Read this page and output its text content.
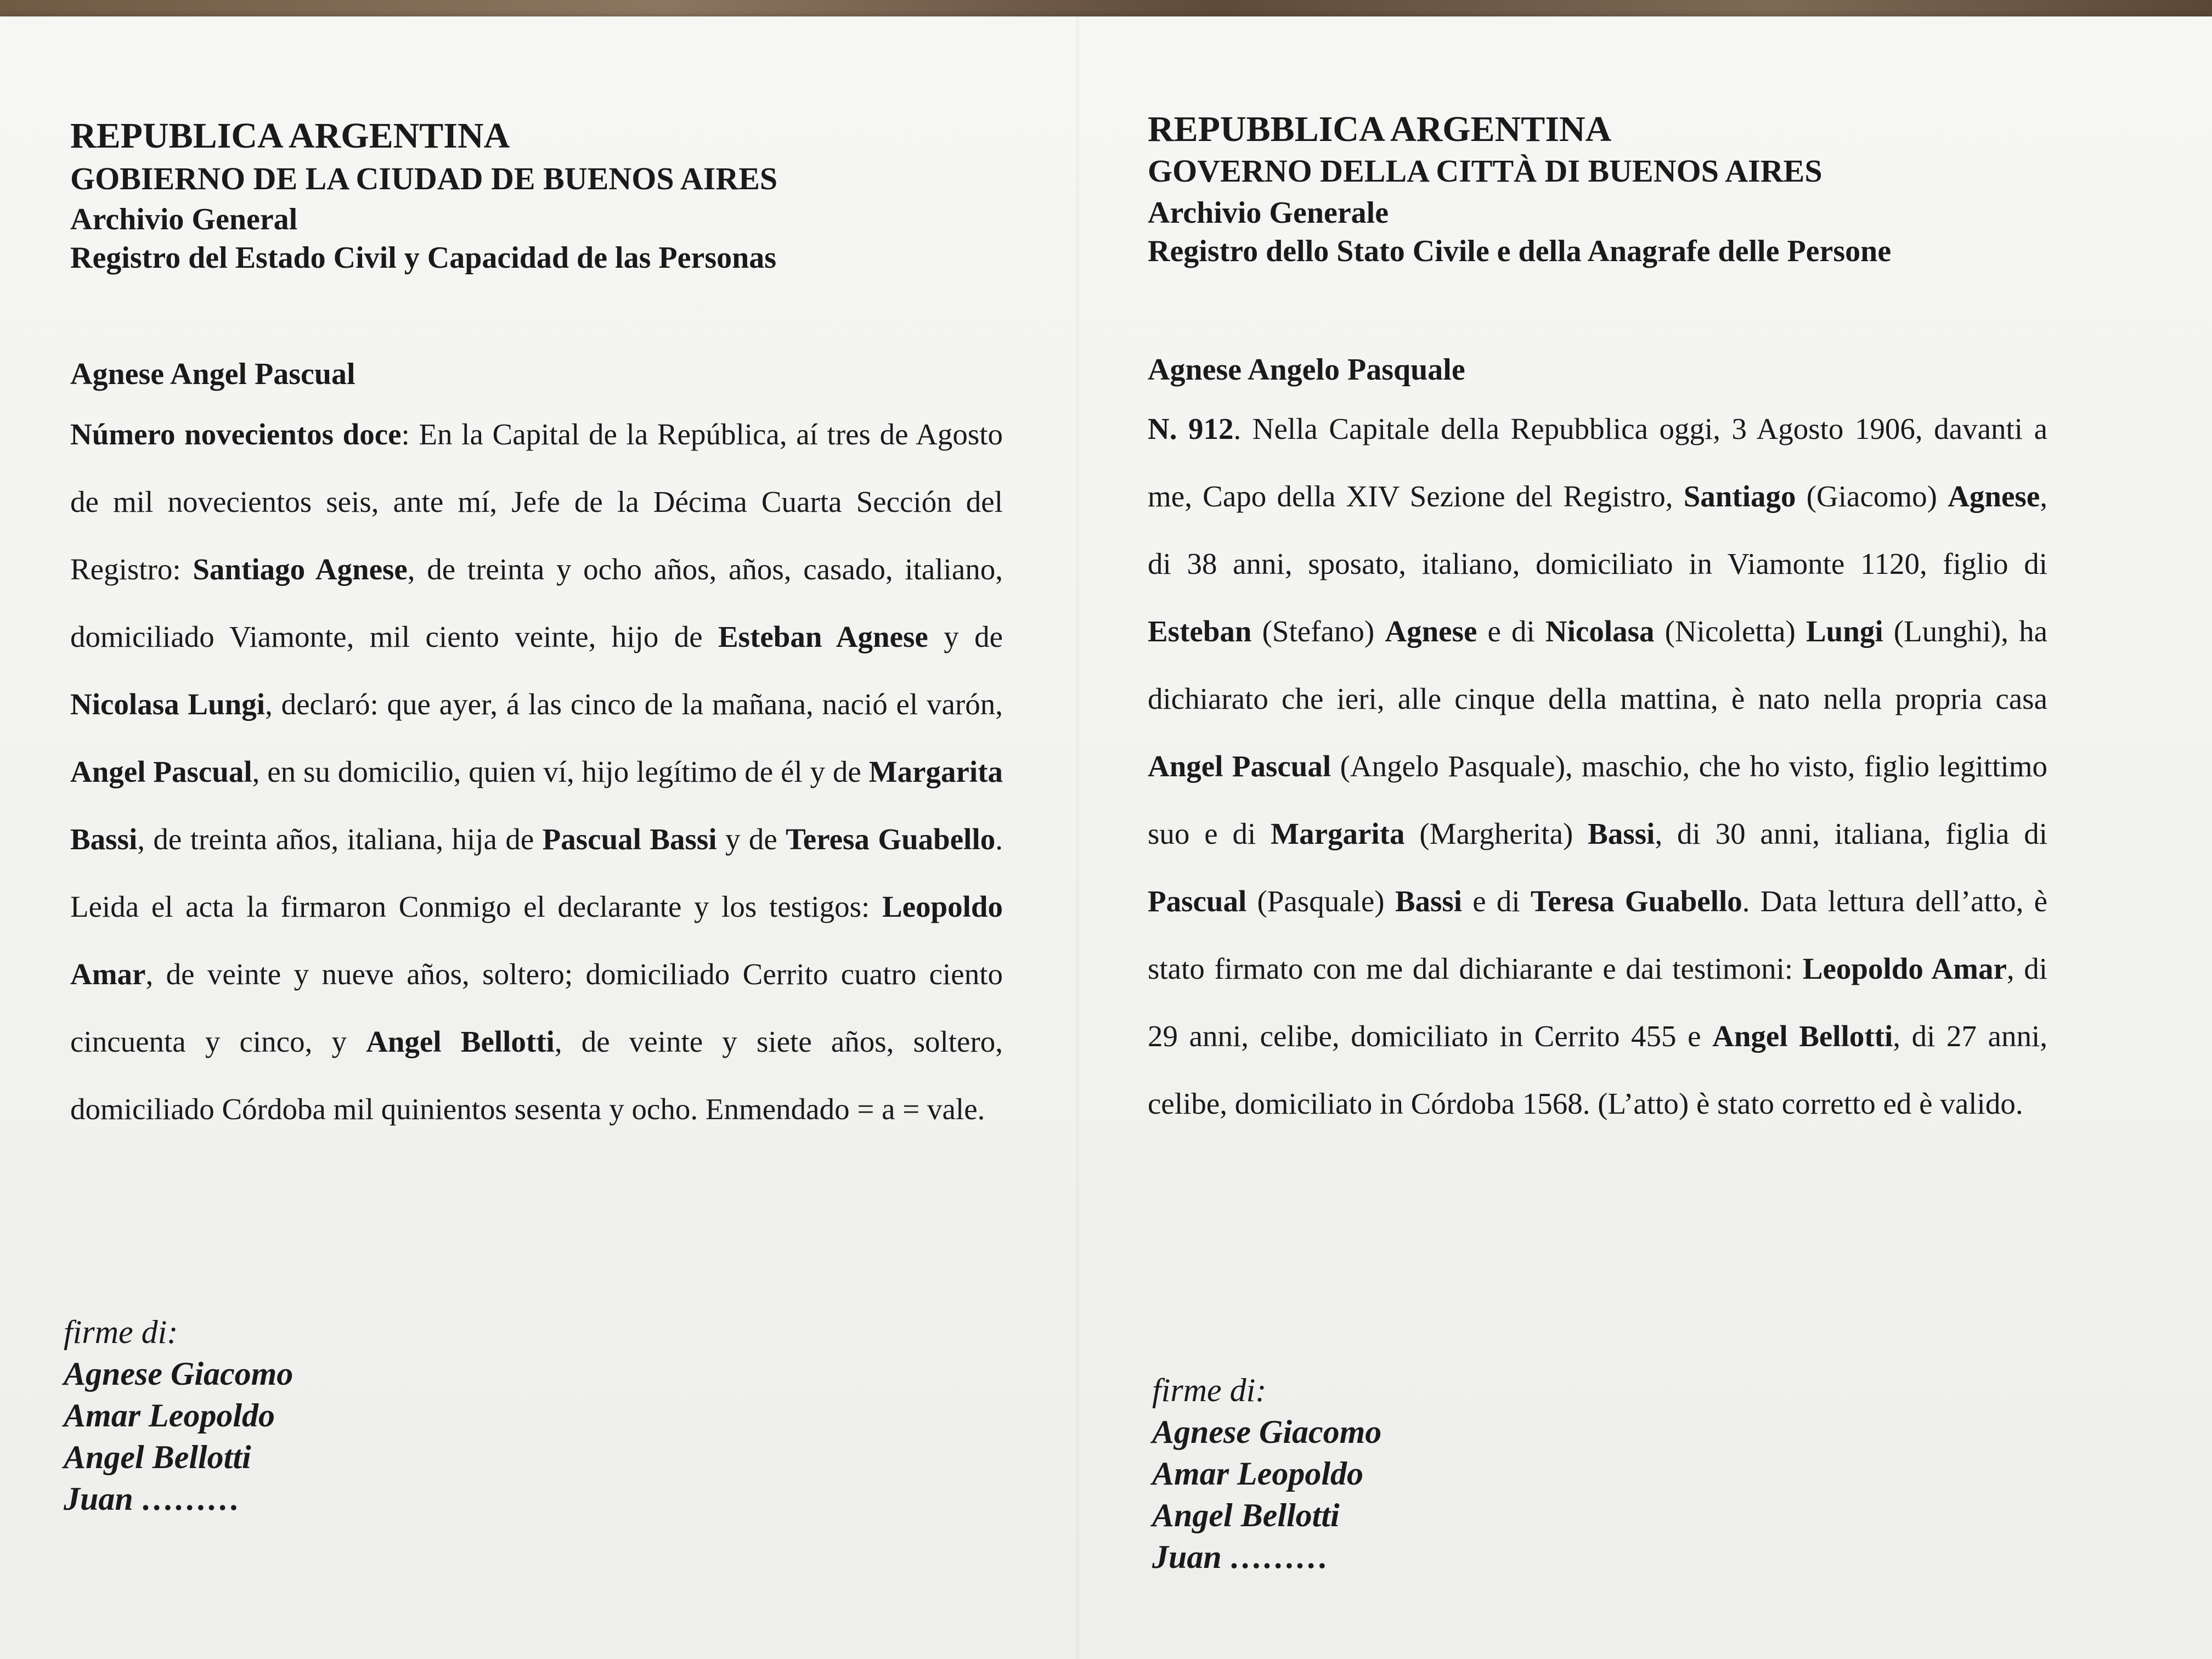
REPUBLICA ARGENTINA
GOBIERNO DE LA CIUDAD DE BUENOS AIRES
Archivio General
Registro del Estado Civil y Capacidad de las Personas
Agnese Angel Pascual
Número novecientos doce: En la Capital de la República, aí tres de Agosto de mil novecientos seis, ante mí, Jefe de la Décima Cuarta Sección del Registro: Santiago Agnese, de treinta y ocho años, años, casado, italiano, domiciliado Viamonte, mil ciento veinte, hijo de Esteban Agnese y de Nicolasa Lungi, declaró: que ayer, á las cinco de la mañana, nació el varón, Angel Pascual, en su domicilio, quien ví, hijo legítimo de él y de Margarita Bassi, de treinta años, italiana, hija de Pascual Bassi y de Teresa Guabello. Leida el acta la firmaron Conmigo el declarante y los testigos: Leopoldo Amar, de veinte y nueve años, soltero; domiciliado Cerrito cuatro ciento cincuenta y cinco, y Angel Bellotti, de veinte y siete años, soltero, domiciliado Córdoba mil quinientos sesenta y ocho. Enmendado = a = vale.
firme di:
Agnese Giacomo
Amar Leopoldo
Angel Bellotti
Juan ………
REPUBBLICA ARGENTINA
GOVERNO DELLA CITTÀ DI BUENOS AIRES
Archivio Generale
Registro dello Stato Civile e della Anagrafe delle Persone
Agnese Angelo Pasquale
N. 912. Nella Capitale della Repubblica oggi, 3 Agosto 1906, davanti a me, Capo della XIV Sezione del Registro, Santiago (Giacomo) Agnese, di 38 anni, sposato, italiano, domiciliato in Viamonte 1120, figlio di Esteban (Stefano) Agnese e di Nicolasa (Nicoletta) Lungi (Lunghi), ha dichiarato che ieri, alle cinque della mattina, è nato nella propria casa Angel Pascual (Angelo Pasquale), maschio, che ho visto, figlio legittimo suo e di Margarita (Margherita) Bassi, di 30 anni, italiana, figlia di Pascual (Pasquale) Bassi e di Teresa Guabello. Data lettura dell’atto, è stato firmato con me dal dichiarante e dai testimoni: Leopoldo Amar, di 29 anni, celibe, domiciliato in Cerrito 455 e Angel Bellotti, di 27 anni, celibe, domiciliato in Córdoba 1568. (L’atto) è stato corretto ed è valido.
firme di:
Agnese Giacomo
Amar Leopoldo
Angel Bellotti
Juan ………
